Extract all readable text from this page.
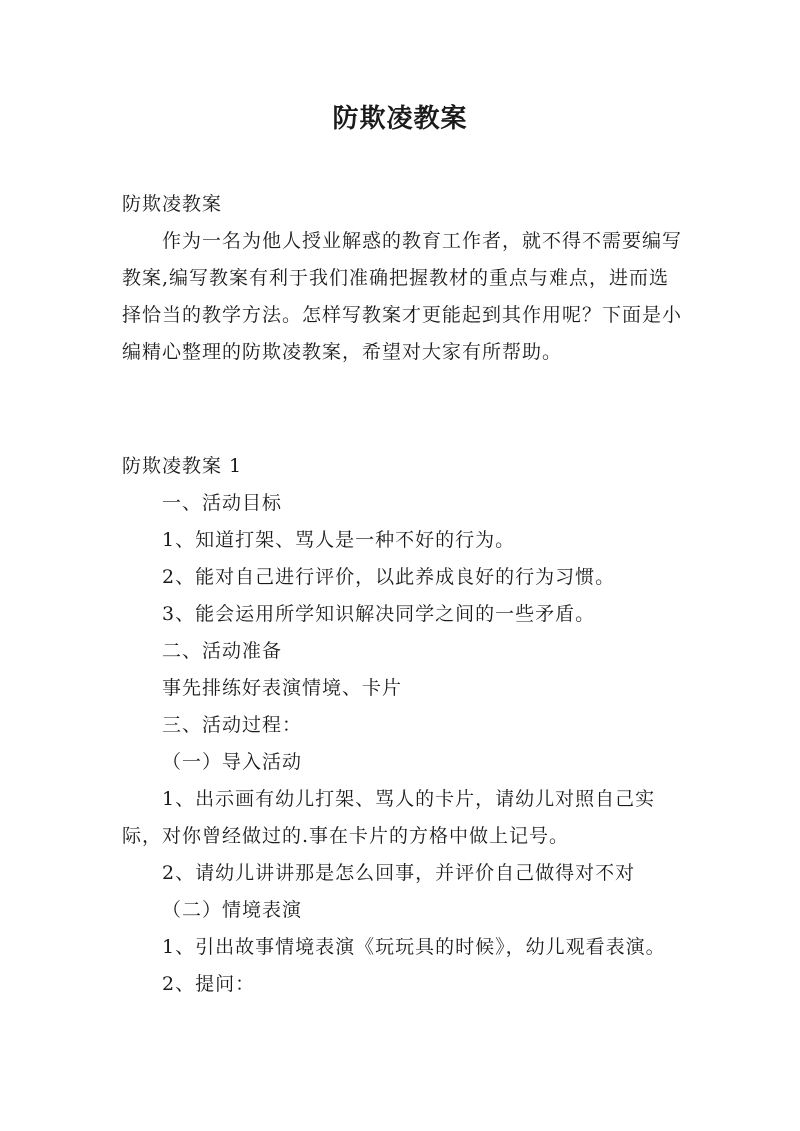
防欺凌教案

防欺凌教案

作为一名为他人授业解惑的教育工作者，就不得不需要编写教案,编写教案有利于我们准确把握教材的重点与难点，进而选择恰当的教学方法。怎样写教案才更能起到其作用呢？下面是小编精心整理的防欺凌教案，希望对大家有所帮助。

防欺凌教案 1

一、活动目标

1、知道打架、骂人是一种不好的行为。

2、能对自己进行评价，以此养成良好的行为习惯。

3、能会运用所学知识解决同学之间的一些矛盾。

二、活动准备

事先排练好表演情境、卡片

三、活动过程：

（一）导入活动

1、出示画有幼儿打架、骂人的卡片，请幼儿对照自己实际，对你曾经做过的.事在卡片的方格中做上记号。

2、请幼儿讲讲那是怎么回事，并评价自己做得对不对

（二）情境表演

1、引出故事情境表演《玩玩具的时候》，幼儿观看表演。

2、提问：
